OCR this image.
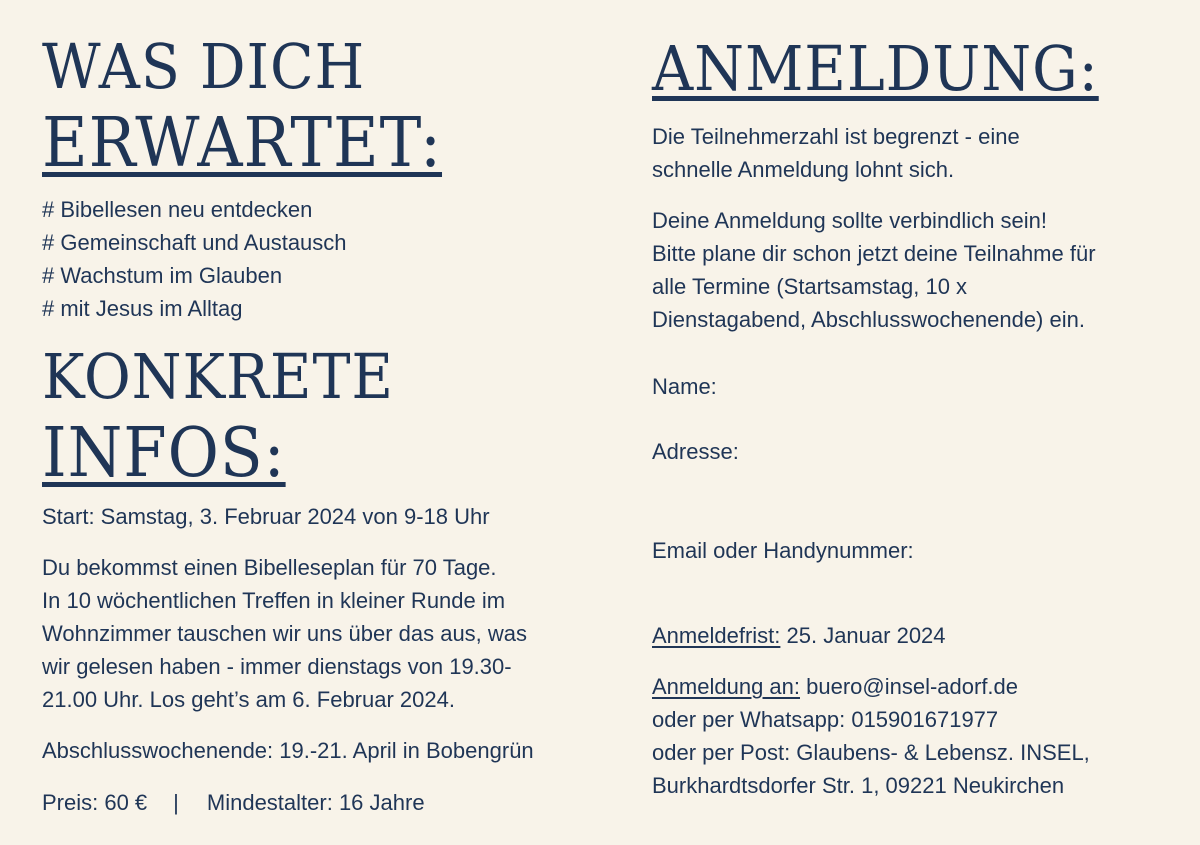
WAS DICH
ERWARTET:
# Bibellesen neu entdecken
# Gemeinschaft und Austausch
# Wachstum im Glauben
# mit Jesus im Alltag
KONKRETE
INFOS:

Start: Samstag, 3. Februar 2024 von 9-18 Uhr

Du bekommst einen Bibelleseplan für 70 Tage.
In 10 wöchentlichen Treffen in kleiner Runde im
Wohnzimmer tauschen wir uns über das aus, was
wir gelesen haben - immer dienstags von 19.30-
21.00 Uhr. Los geht’s am 6. Februar 2024.

Abschlusswochenende: 19.-21. April in Bobengrün

Preis: 60 € | Mindestalter: 16 Jahre

ANMELDUNG:
Die Teilnehmerzahl ist begrenzt - eine
schnelle Anmeldung lohnt sich.
Deine Anmeldung sollte verbindlich sein!
Bitte plane dir schon jetzt deine Teilnahme für
alle Termine (Startsamstag, 10 x
Dienstagabend, Abschlusswochenende) ein.

Name:

Adresse:

Email oder Handynummer:

Anmeldefrist: 25. Januar 2024

Anmeldung an: buero@insel-adorf.de
oder per Whatsapp: 015901671977
oder per Post: Glaubens- & Lebensz. INSEL,
Burkhardtsdorfer Str. 1, 09221 Neukirchen
